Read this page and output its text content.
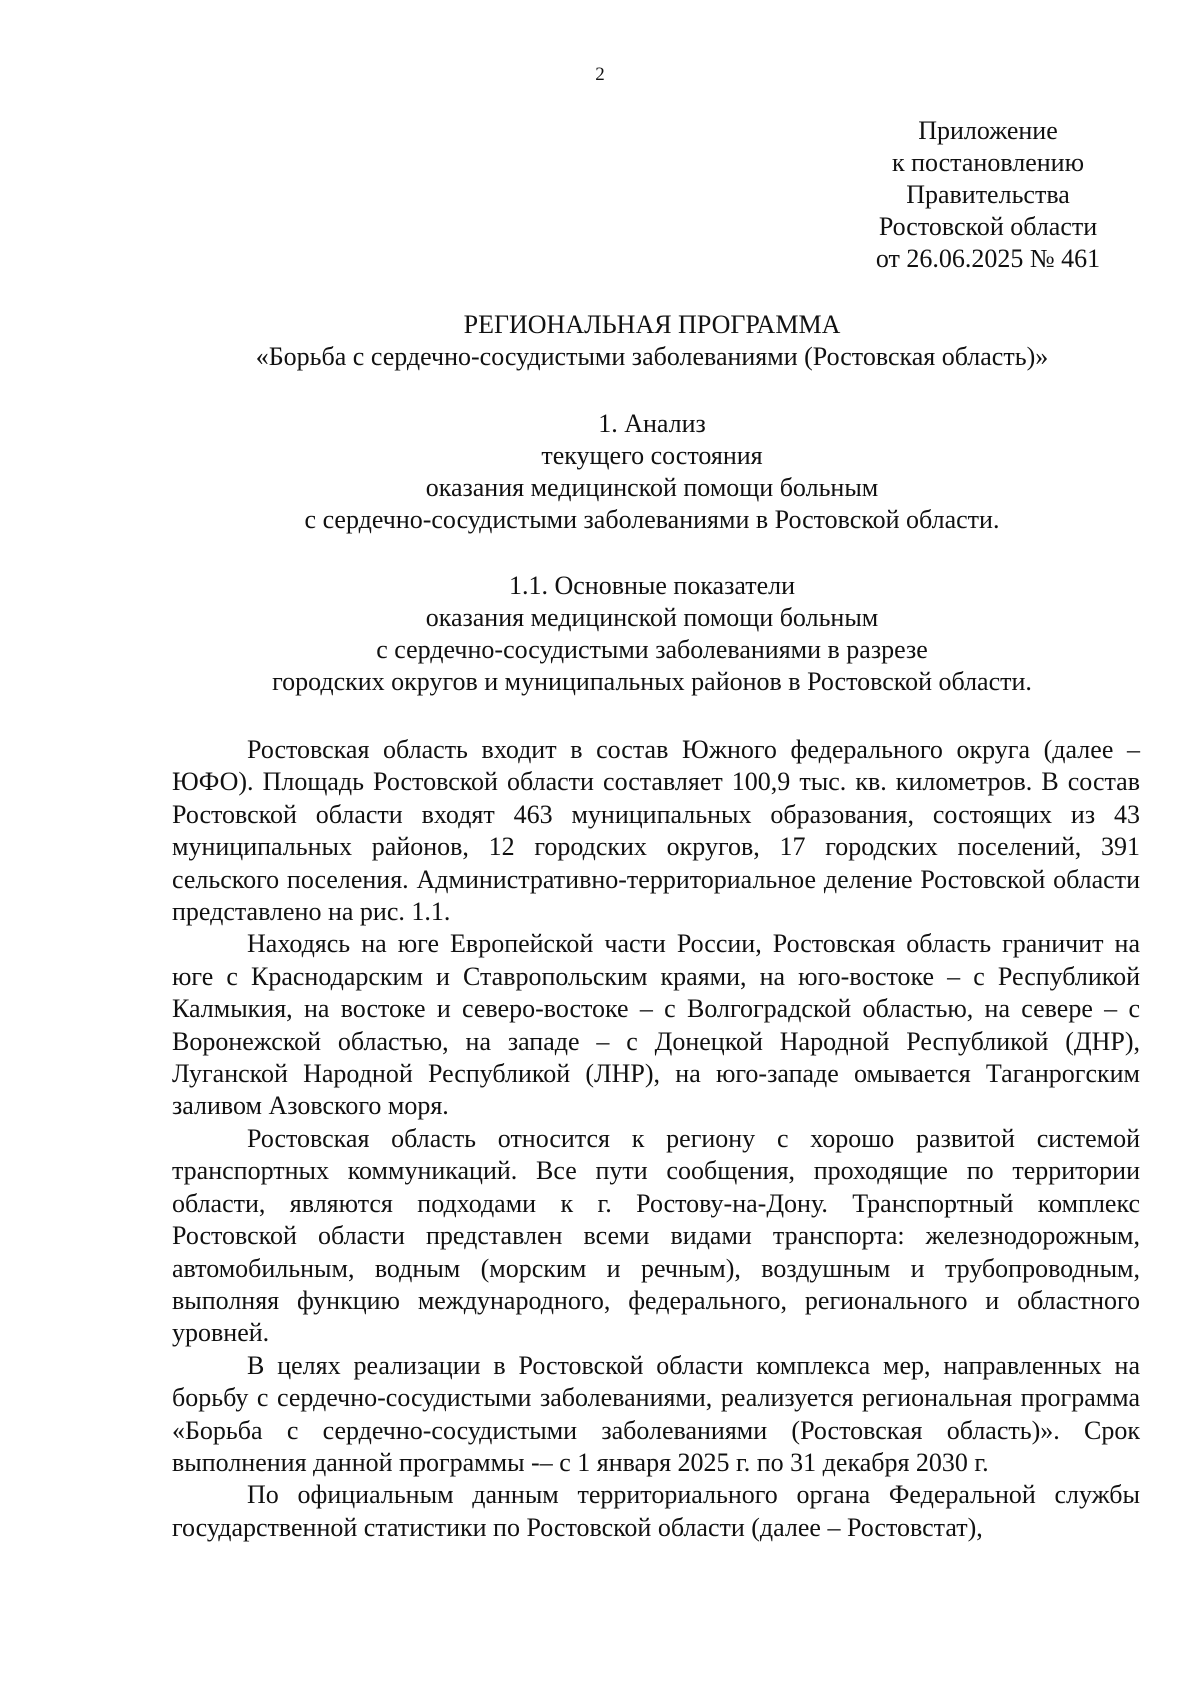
2
Приложение
к постановлению
Правительства
Ростовской области
от 26.06.2025 № 461
РЕГИОНАЛЬНАЯ ПРОГРАММА
«Борьба с сердечно-сосудистыми заболеваниями (Ростовская область)»
1. Анализ
текущего состояния
оказания медицинской помощи больным
с сердечно-сосудистыми заболеваниями в Ростовской области.
1.1. Основные показатели
оказания медицинской помощи больным
с сердечно-сосудистыми заболеваниями в разрезе
городских округов и муниципальных районов в Ростовской области.

Ростовская область входит в состав Южного федерального округа (далее – ЮФО). Площадь Ростовской области составляет 100,9 тыс. кв. километров. В состав Ростовской области входят 463 муниципальных образования, состоящих из 43 муниципальных районов, 12 городских округов, 17 городских поселений, 391 сельского поселения. Административно-территориальное деление Ростовской области представлено на рис. 1.1.

Находясь на юге Европейской части России, Ростовская область граничит на юге с Краснодарским и Ставропольским краями, на юго-востоке – с Республикой Калмыкия, на востоке и северо-востоке – с Волгоградской областью, на севере – с Воронежской областью, на западе – с Донецкой Народной Республикой (ДНР), Луганской Народной Республикой (ЛНР), на юго-западе омывается Таганрогским заливом Азовского моря.

Ростовская область относится к региону с хорошо развитой системой транспортных коммуникаций. Все пути сообщения, проходящие по территории области, являются подходами к г. Ростову-на-Дону. Транспортный комплекс Ростовской области представлен всеми видами транспорта: железнодорожным, автомобильным, водным (морским и речным), воздушным и трубопроводным, выполняя функцию международного, федерального, регионального и областного уровней.

В целях реализации в Ростовской области комплекса мер, направленных на борьбу с сердечно-сосудистыми заболеваниями, реализуется региональная программа «Борьба с сердечно-сосудистыми заболеваниями (Ростовская область)». Срок выполнения данной программы -– с 1 января 2025 г. по 31 декабря 2030 г.

По официальным данным территориального органа Федеральной службы государственной статистики по Ростовской области (далее – Ростовстат),
